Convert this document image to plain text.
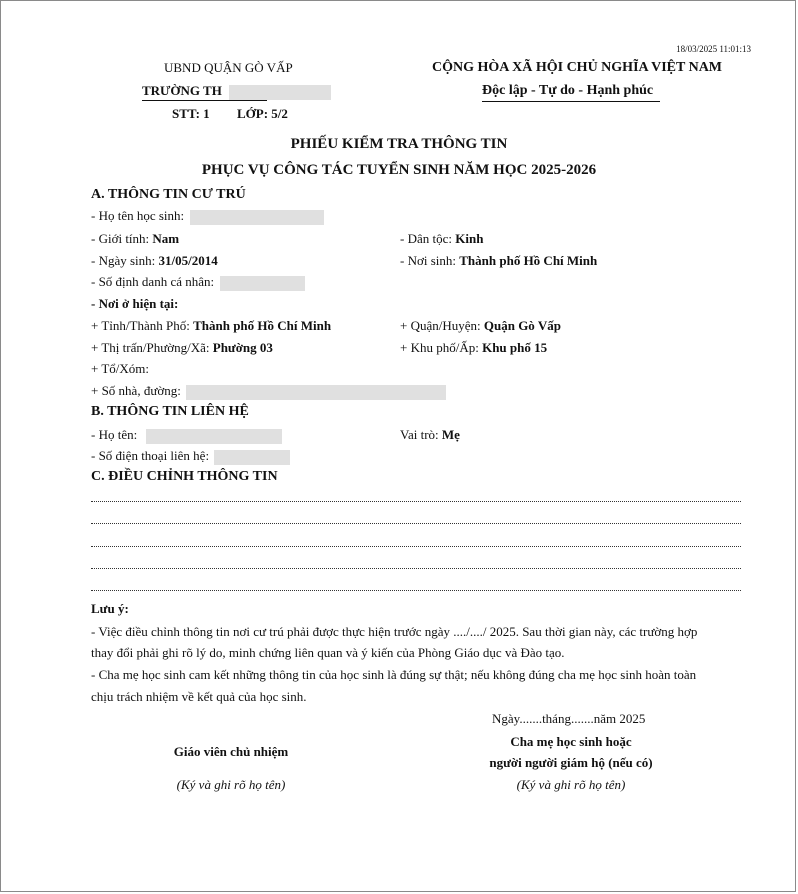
18/03/2025 11:01:13
UBND QUẬN GÒ VẤP
TRƯỜNG TH
STT: 1 LỚP: 5/2
CỘNG HÒA XÃ HỘI CHỦ NGHĨA VIỆT NAM
Độc lập - Tự do - Hạnh phúc
PHIẾU KIỂM TRA THÔNG TIN
PHỤC VỤ CÔNG TÁC TUYỂN SINH NĂM HỌC 2025-2026
A. THÔNG TIN CƯ TRÚ
- Họ tên học sinh:
- Giới tính: Nam	- Dân tộc: Kinh
- Ngày sinh: 31/05/2014	- Nơi sinh: Thành phố Hồ Chí Minh
- Số định danh cá nhân:
- Nơi ở hiện tại:
+ Tỉnh/Thành Phố: Thành phố Hồ Chí Minh	+ Quận/Huyện: Quận Gò Vấp
+ Thị trấn/Phường/Xã: Phường 03	+ Khu phố/Ấp: Khu phố 15
+ Tổ/Xóm:
+ Số nhà, đường:
B. THÔNG TIN LIÊN HỆ
- Họ tên:	Vai trò: Mẹ
- Số điện thoại liên hệ:
C. ĐIỀU CHỈNH THÔNG TIN
Lưu ý:
- Việc điều chỉnh thông tin nơi cư trú phải được thực hiện trước ngày ..../..../ 2025. Sau thời gian này, các trường hợp
thay đổi phải ghi rõ lý do, minh chứng liên quan và ý kiến của Phòng Giáo dục và Đào tạo.
- Cha mẹ học sinh cam kết những thông tin của học sinh là đúng sự thật; nếu không đúng cha mẹ học sinh hoàn toàn
chịu trách nhiệm về kết quả của học sinh.
Ngày.......tháng.......năm 2025
Giáo viên chủ nhiệm
(Ký và ghi rõ họ tên)
Cha mẹ học sinh hoặc
người người giám hộ (nếu có)
(Ký và ghi rõ họ tên)
